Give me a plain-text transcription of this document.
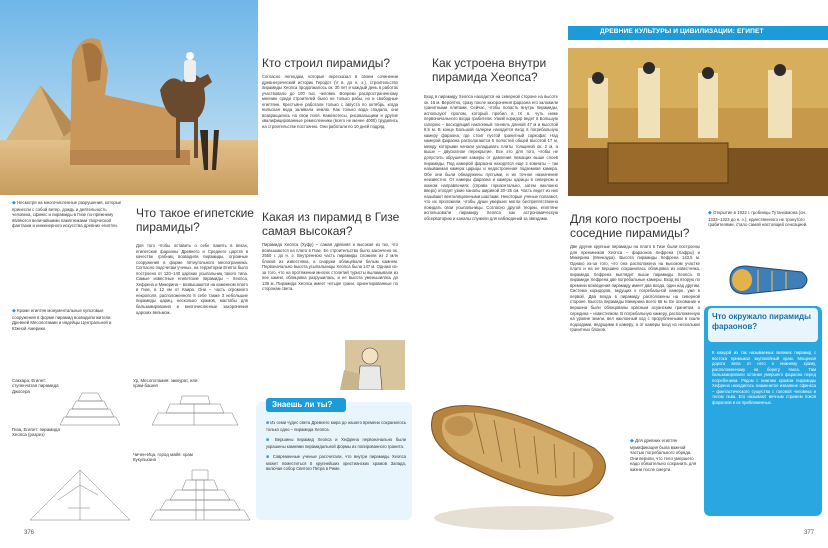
ДРЕВНИЕ КУЛЬТУРЫ И ЦИВИЛИЗАЦИИ: ЕГИПЕТ
◆ Несмотря на многочисленные разрушения, которые принесли с собой ветер, дождь и деятельность человека, сфинкс и пирамиды в Гизе по-прежнему являются величайшими памятниками творческой фантазии и инженерного искусства древних египтян.
◆ Кроме египтян монументальные культовые сооружения в форме пирамид возводили жители Древней Месопотамии и индейцы Центральной и Южной Америки.
Саккара, Египет: ступенчатая пирамида Джосера
Ур, Месопотамия: зиккурат, или храм-башня
Гиза, Египет: пирамида Хеопса (разрез)
Чичен-Ица, город майя: храм Кукулькана
376
Что такое египетские пирамиды?
Для того чтобы оставить о себе память в веках, египетские фараоны Древнего и Среднего царств в качестве гробниц возводили пирамиды, огромные сооружения в форме пятиугольного многогранника. Согласно подсчетам ученых, на территории Египта было построено от 120–140 царских усыпальниц такого типа. Самые известные египетские пирамиды – Хеопса, Хефрена и Микерина – возвышаются на каменном плато в Гизе, в 12 км от Каира. Они – часть огромного некрополя, расположенного в себе также 3 небольшие пирамиды цариц, несколько храмов, мастабы для бальзамирования и многочисленные захоронения царских вельмож.
Кто строил пирамиды?
Согласно легендам, которые пересказал в своем сочинении древнегреческий историк Геродот (V в. до н. э.), строительство пирамиды Хеопса продолжалось ок. 30 лет и каждый день в работах участвовало до 100 тыс. человек. Вопреки распространенному мнению среди строителей было не только рабы, но и свободные египтяне. Крестьяне работали только с августа по октябрь, когда нильская вода заливала землю. Как только вода спадала, они возвращались на свои поля. Каменотесы, рисовальщики и другие квалифицированные ремесленники (всего не менее 4000) трудились на строительстве постоянно. Они работали по 10 дней подряд.
Какая из пирамид в Гизе самая высокая?
Пирамида Хеопса (Хуфу) – самая древняя и высокая из тех, что возвышаются на плато в Гизе. Ее строительство было закончено ок. 2550 г. до н. э. Внутреннюю часть пирамиды сложили из 2 млн блоков из известняка, а снаружи облицевали белым камнем. Первоначально высота усыпальницы Хеопса была 147 м. Однако из-за того, что на протяжении многих столетий туристы выламывали из нее камни, облицовка разрушилась, и ее высота уменьшилась до 139 м. Пирамида Хеопса имеет четыре грани, ориентированные по сторонам света.
Знаешь ли ты?
■ Из семи чудес света Древнего мира до нашего времени сохранилось только одно – пирамида Хеопса.
■ Вершины пирамид Хеопса и Хефрена первоначально были украшены камнями пирамидальной формы из полированного гранита.
■ Современные ученые рассчитали, что внутри пирамиды Хеопса может поместиться 5 крупнейших христианских храмов Запада, включая собор Святого Петра в Риме.
Как устроена внутри пирамида Хеопса?
Вход в пирамиду Хеопса находится на северной стороне на высоте ок. 16 м. Вероятно, сразу после захоронения фараона его заложили гранитными плитами. Сейчас, чтобы попасть внутрь пирамиды, используют пролом, который пробил в IX в. чуть ниже первоначального входа грабители. Узкий коридор ведет в Большую галерею – восходящий наклонный тоннель длиной 47 м и высотой 8,5 м. В конце Большой галереи находится вход в погребальную камеру фараона, где стоит пустой гранитный саркофаг. Над камерой фараона располагаются 5 полостей общей высотой 17 м, между которыми начали укладывать плиты толщиной ок. 2 м, а выше – двускатное перекрытие. Все это для того, чтобы не допустить обрушения камеры от давления лежащих выше слоев пирамиды. Под камерой фараона находятся еще 2 комнаты – так называемая камера царицы и недостроенная подземная камера. Обе они были обнаружены пустыми, и их точное назначение неизвестно. От камеры фараона и камеры царицы в северном и южном направлениях (справа горизонтально, затем наклонно вверх) отходят узкие каналы шириной 20–25 см. Часть ведет из них называют вентиляционными шахтами. Некоторые ученые полагают, что их проложили, чтобы души умерших могли беспрепятственно покидать свои усыпальницы. Согласно другой теории, египтяне использовали пирамиду Хеопса как астрономическую обсерваторию и каналы служили для наблюдений за звездами.	Для кого построены соседние пирамиды?
Две другие крупные пирамиды на плато в Гизе были построены для преемников Хеопса – фараонов Хефрена (Хафры) и Микерина (Менкаура). Высота пирамиды Хефрена 143,5 м. Однако из-за того, что она расположена на высоком участке плато и на ее вершине сохранилась облицовка из известняка, пирамида Хефрена выглядит выше пирамиды Хеопса. В пирамиде Хефрена две погребальные камеры. Вход во вторую по времени возведения пирамиду имеет два входа, один над другим. Система коридоров, ведущих к погребальной камере, уже в первой. Два входа в пирамиду расположены на северной стороне. Высота пирамиды Микерина всего 66 м. Ее основание и вершина были облицованы красным асуанским гранитом, а середина – известняком. В погребальную камеру, расположенную на уровне земли, вел наклонный ход с прорубленными в скале подходами, ведущими в камеру, а от камеры вход из нескольких гранитных блоков.
◆ Открытие в 1922 г. гробницы Тутанхамона (он. 1333–1323 до н. э.), единственного не тронутого грабителями, стало самой настоящей сенсацией.
Что окружало пирамиды фараонов?
К каждой из так называемых великих пирамид с востока примыкал заупокойный храм. Мощеная дорога вела от него к нижнему храму, расположенному на берегу Нила. Там бальзамировали останки умершего фараона перед погребением. Рядом с нижним храмом пирамиды Хефрена находилось знаменитое изваяние сфинкса – фантастического существа с головой человека и телом льва. Его называют вечным стражем покоя фараонов и их приближенных.
◆ Для древних египтян мумификация была важной частью погребального обряда. Они верили, что тело умершего надо обязательно сохранить для жизни после смерти.
377
